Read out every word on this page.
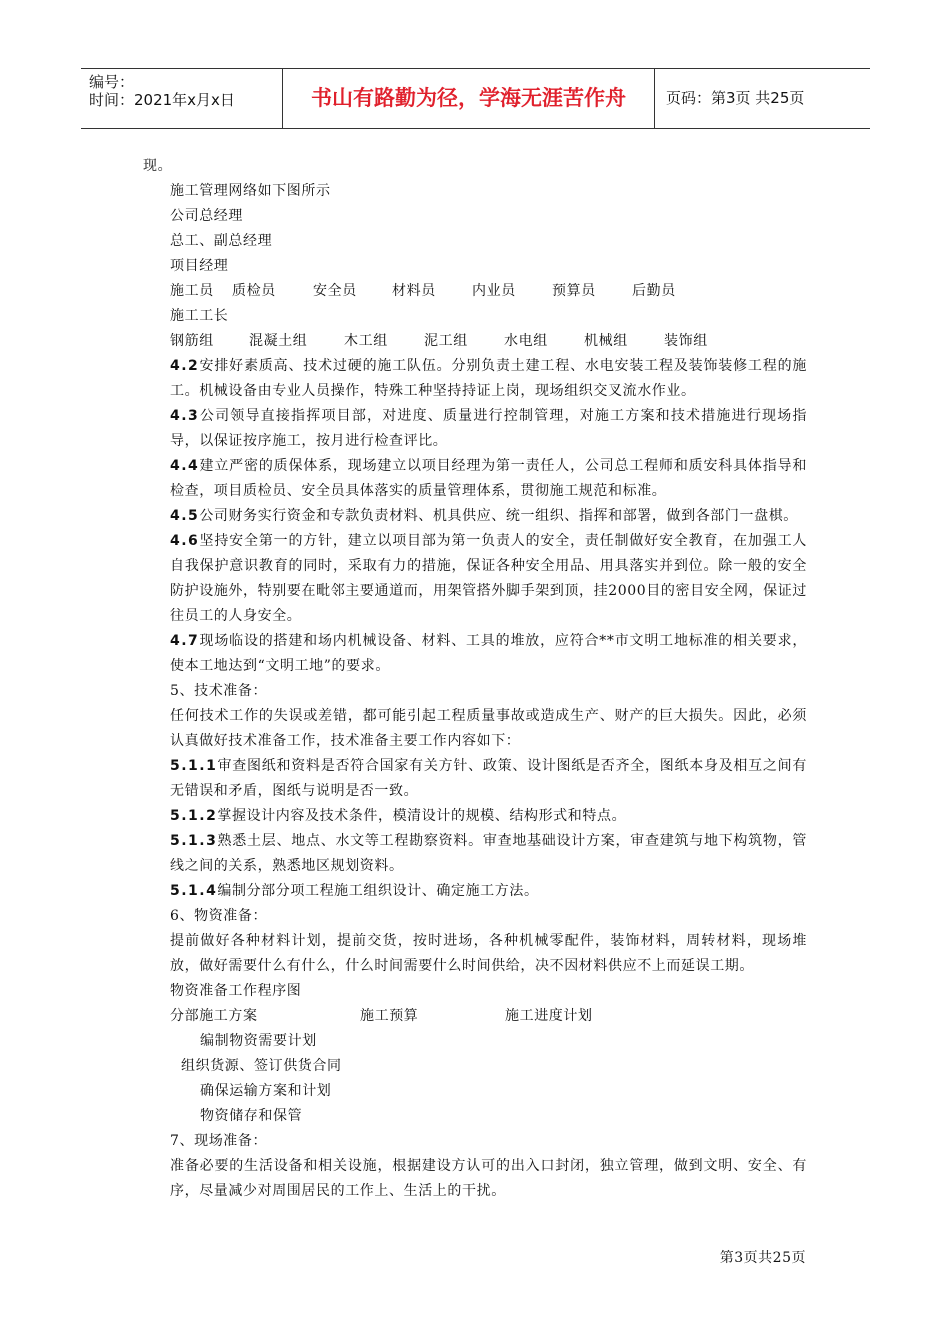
编号：
时间：2021年x月x日	书山有路勤为径，学海无涯苦作舟	页码：第3页 共25页

现。

施工管理网络如下图所示

公司总经理

总工、副总经理

项目经理

施工员 质检员	安全员	材料员	内业员	预算员	后勤员

施工工长

钢筋组	混凝土组	木工组	泥工组	水电组	机械组	装饰组

4.2安排好素质高、技术过硬的施工队伍。分别负责土建工程、水电安装工程及装饰装修工程的施工。机械设备由专业人员操作，特殊工种坚持持证上岗，现场组织交叉流水作业。

4.3公司领导直接指挥项目部，对进度、质量进行控制管理，对施工方案和技术措施进行现场指导，以保证按序施工，按月进行检查评比。

4.4建立严密的质保体系，现场建立以项目经理为第一责任人，公司总工程师和质安科具体指导和检查，项目质检员、安全员具体落实的质量管理体系，贯彻施工规范和标准。

4.5公司财务实行资金和专款负责材料、机具供应、统一组织、指挥和部署，做到各部门一盘棋。

4.6坚持安全第一的方针，建立以项目部为第一负责人的安全，责任制做好安全教育，在加强工人自我保护意识教育的同时，采取有力的措施，保证各种安全用品、用具落实并到位。除一般的安全防护设施外，特别要在毗邻主要通道而，用架管搭外脚手架到顶，挂2000目的密目安全网，保证过往员工的人身安全。

4.7现场临设的搭建和场内机械设备、材料、工具的堆放，应符合**市文明工地标准的相关要求，使本工地达到“文明工地”的要求。

5、技术准备：

任何技术工作的失误或差错，都可能引起工程质量事故或造成生产、财产的巨大损失。因此，必须认真做好技术准备工作，技术准备主要工作内容如下：

5.1.1审查图纸和资料是否符合国家有关方针、政策、设计图纸是否齐全，图纸本身及相互之间有无错误和矛盾，图纸与说明是否一致。

5.1.2掌握设计内容及技术条件，模清设计的规模、结构形式和特点。

5.1.3熟悉土层、地点、水文等工程勘察资料。审查地基础设计方案，审查建筑与地下构筑物，管线之间的关系，熟悉地区规划资料。

5.1.4编制分部分项工程施工组织设计、确定施工方法。

6、物资准备：

提前做好各种材料计划，提前交货，按时进场，各种机械零配件，装饰材料，周转材料，现场堆放，做好需要什么有什么，什么时间需要什么时间供给，决不因材料供应不上而延误工期。

物资准备工作程序图

分部施工方案	施工预算	施工进度计划

编制物资需要计划

组织货源、签订供货合同

确保运输方案和计划

物资储存和保管

7、现场准备：

准备必要的生活设备和相关设施，根据建设方认可的出入口封闭，独立管理，做到文明、安全、有序，尽量减少对周围居民的工作上、生活上的干扰。

第3页共25页
